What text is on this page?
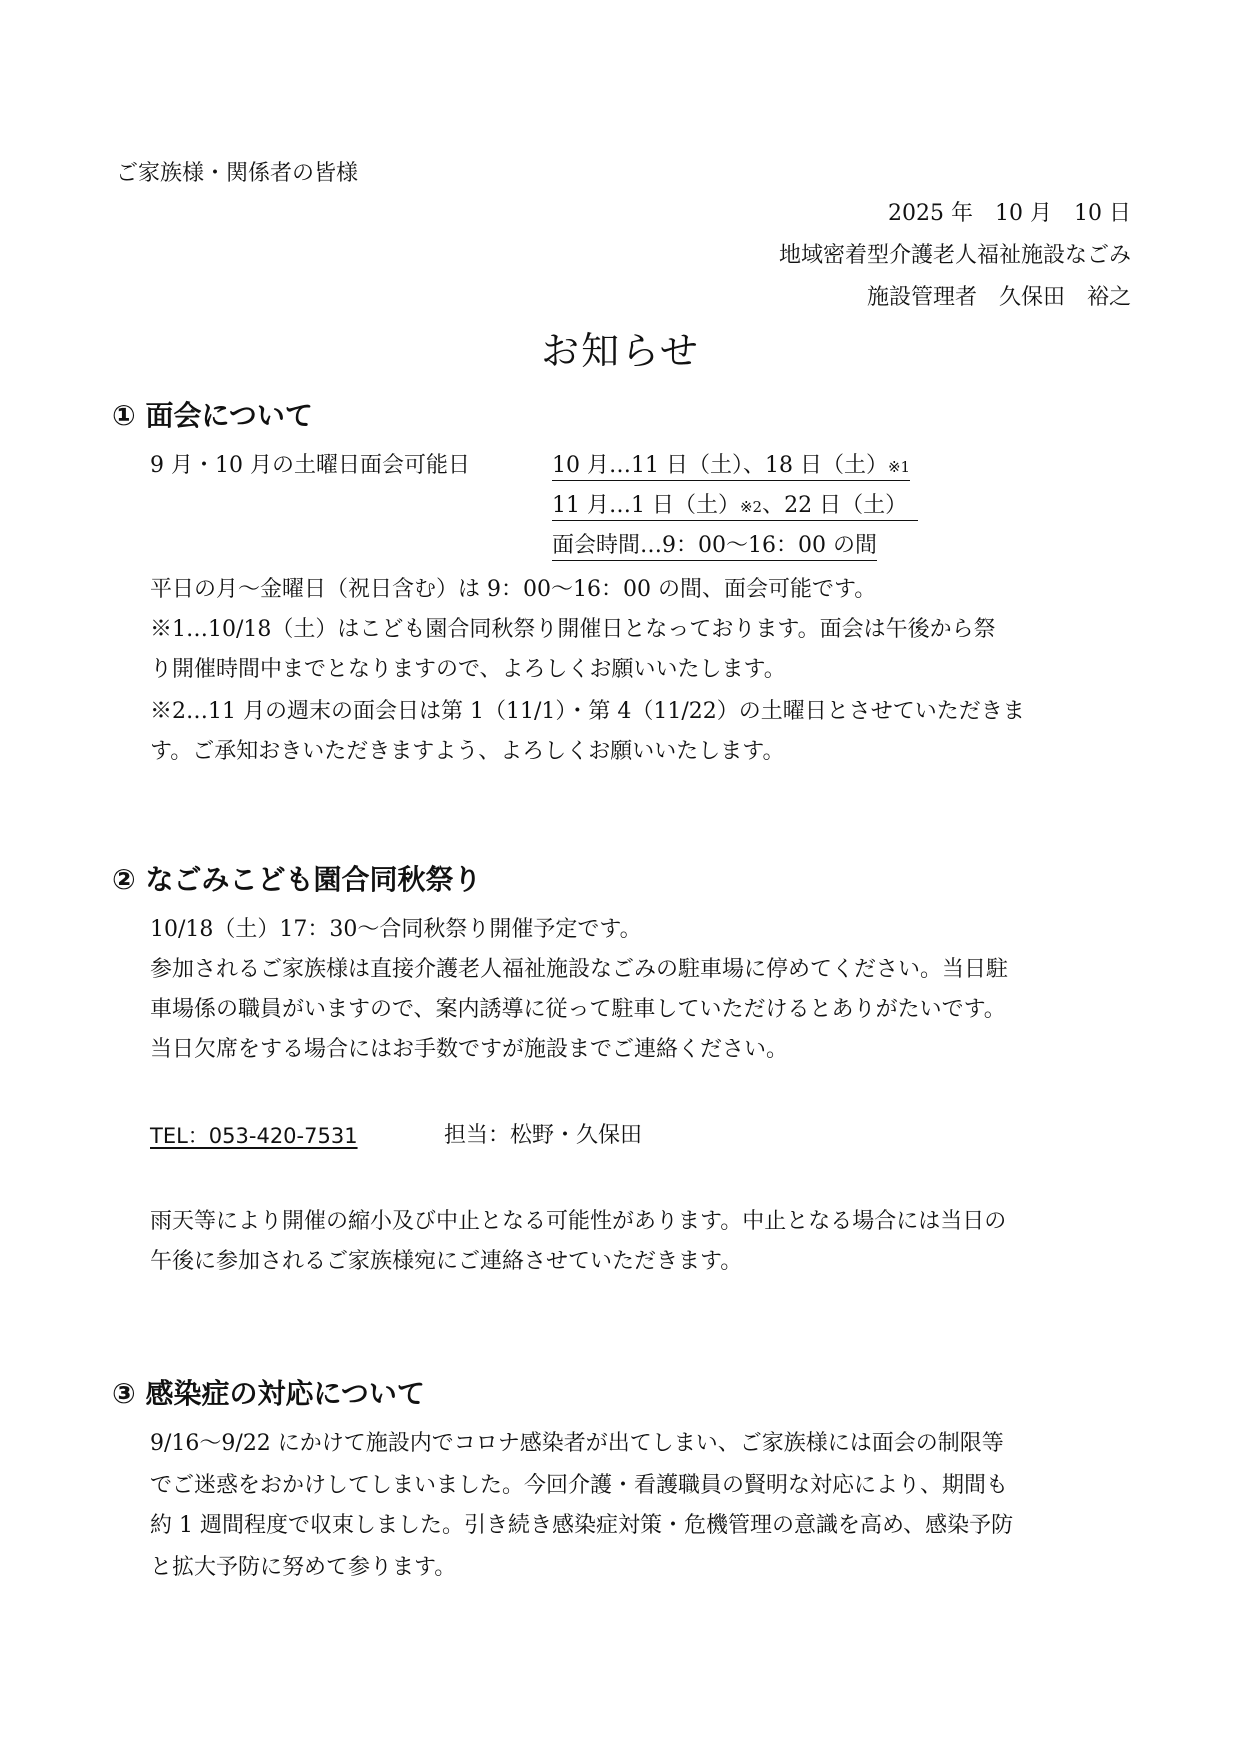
ご家族様・関係者の皆様
2025 年　10 月　10 日
地域密着型介護老人福祉施設なごみ
施設管理者　久保田　裕之
お知らせ
① 面会について
9 月・10 月の土曜日面会可能日	10 月…11 日（土）、18 日（土）※1
11 月…1 日（土）※2、22 日（土）　
面会時間…9：00〜16：00 の間
平日の月〜金曜日（祝日含む）は 9：00〜16：00 の間、面会可能です。
※1…10/18（土）はこども園合同秋祭り開催日となっております。面会は午後から祭
り開催時間中までとなりますので、よろしくお願いいたします。
※2…11 月の週末の面会日は第 1（11/1）・第 4（11/22）の土曜日とさせていただきま
す。ご承知おきいただきますよう、よろしくお願いいたします。
② なごみこども園合同秋祭り
10/18（土）17：30〜合同秋祭り開催予定です。
参加されるご家族様は直接介護老人福祉施設なごみの駐車場に停めてください。当日駐
車場係の職員がいますので、案内誘導に従って駐車していただけるとありがたいです。
当日欠席をする場合にはお手数ですが施設までご連絡ください。
TEL：053-420-7531	担当：松野・久保田
雨天等により開催の縮小及び中止となる可能性があります。中止となる場合には当日の
午後に参加されるご家族様宛にご連絡させていただきます。
③ 感染症の対応について
9/16〜9/22 にかけて施設内でコロナ感染者が出てしまい、ご家族様には面会の制限等
でご迷惑をおかけしてしまいました。今回介護・看護職員の賢明な対応により、期間も
約 1 週間程度で収束しました。引き続き感染症対策・危機管理の意識を高め、感染予防
と拡大予防に努めて参ります。
